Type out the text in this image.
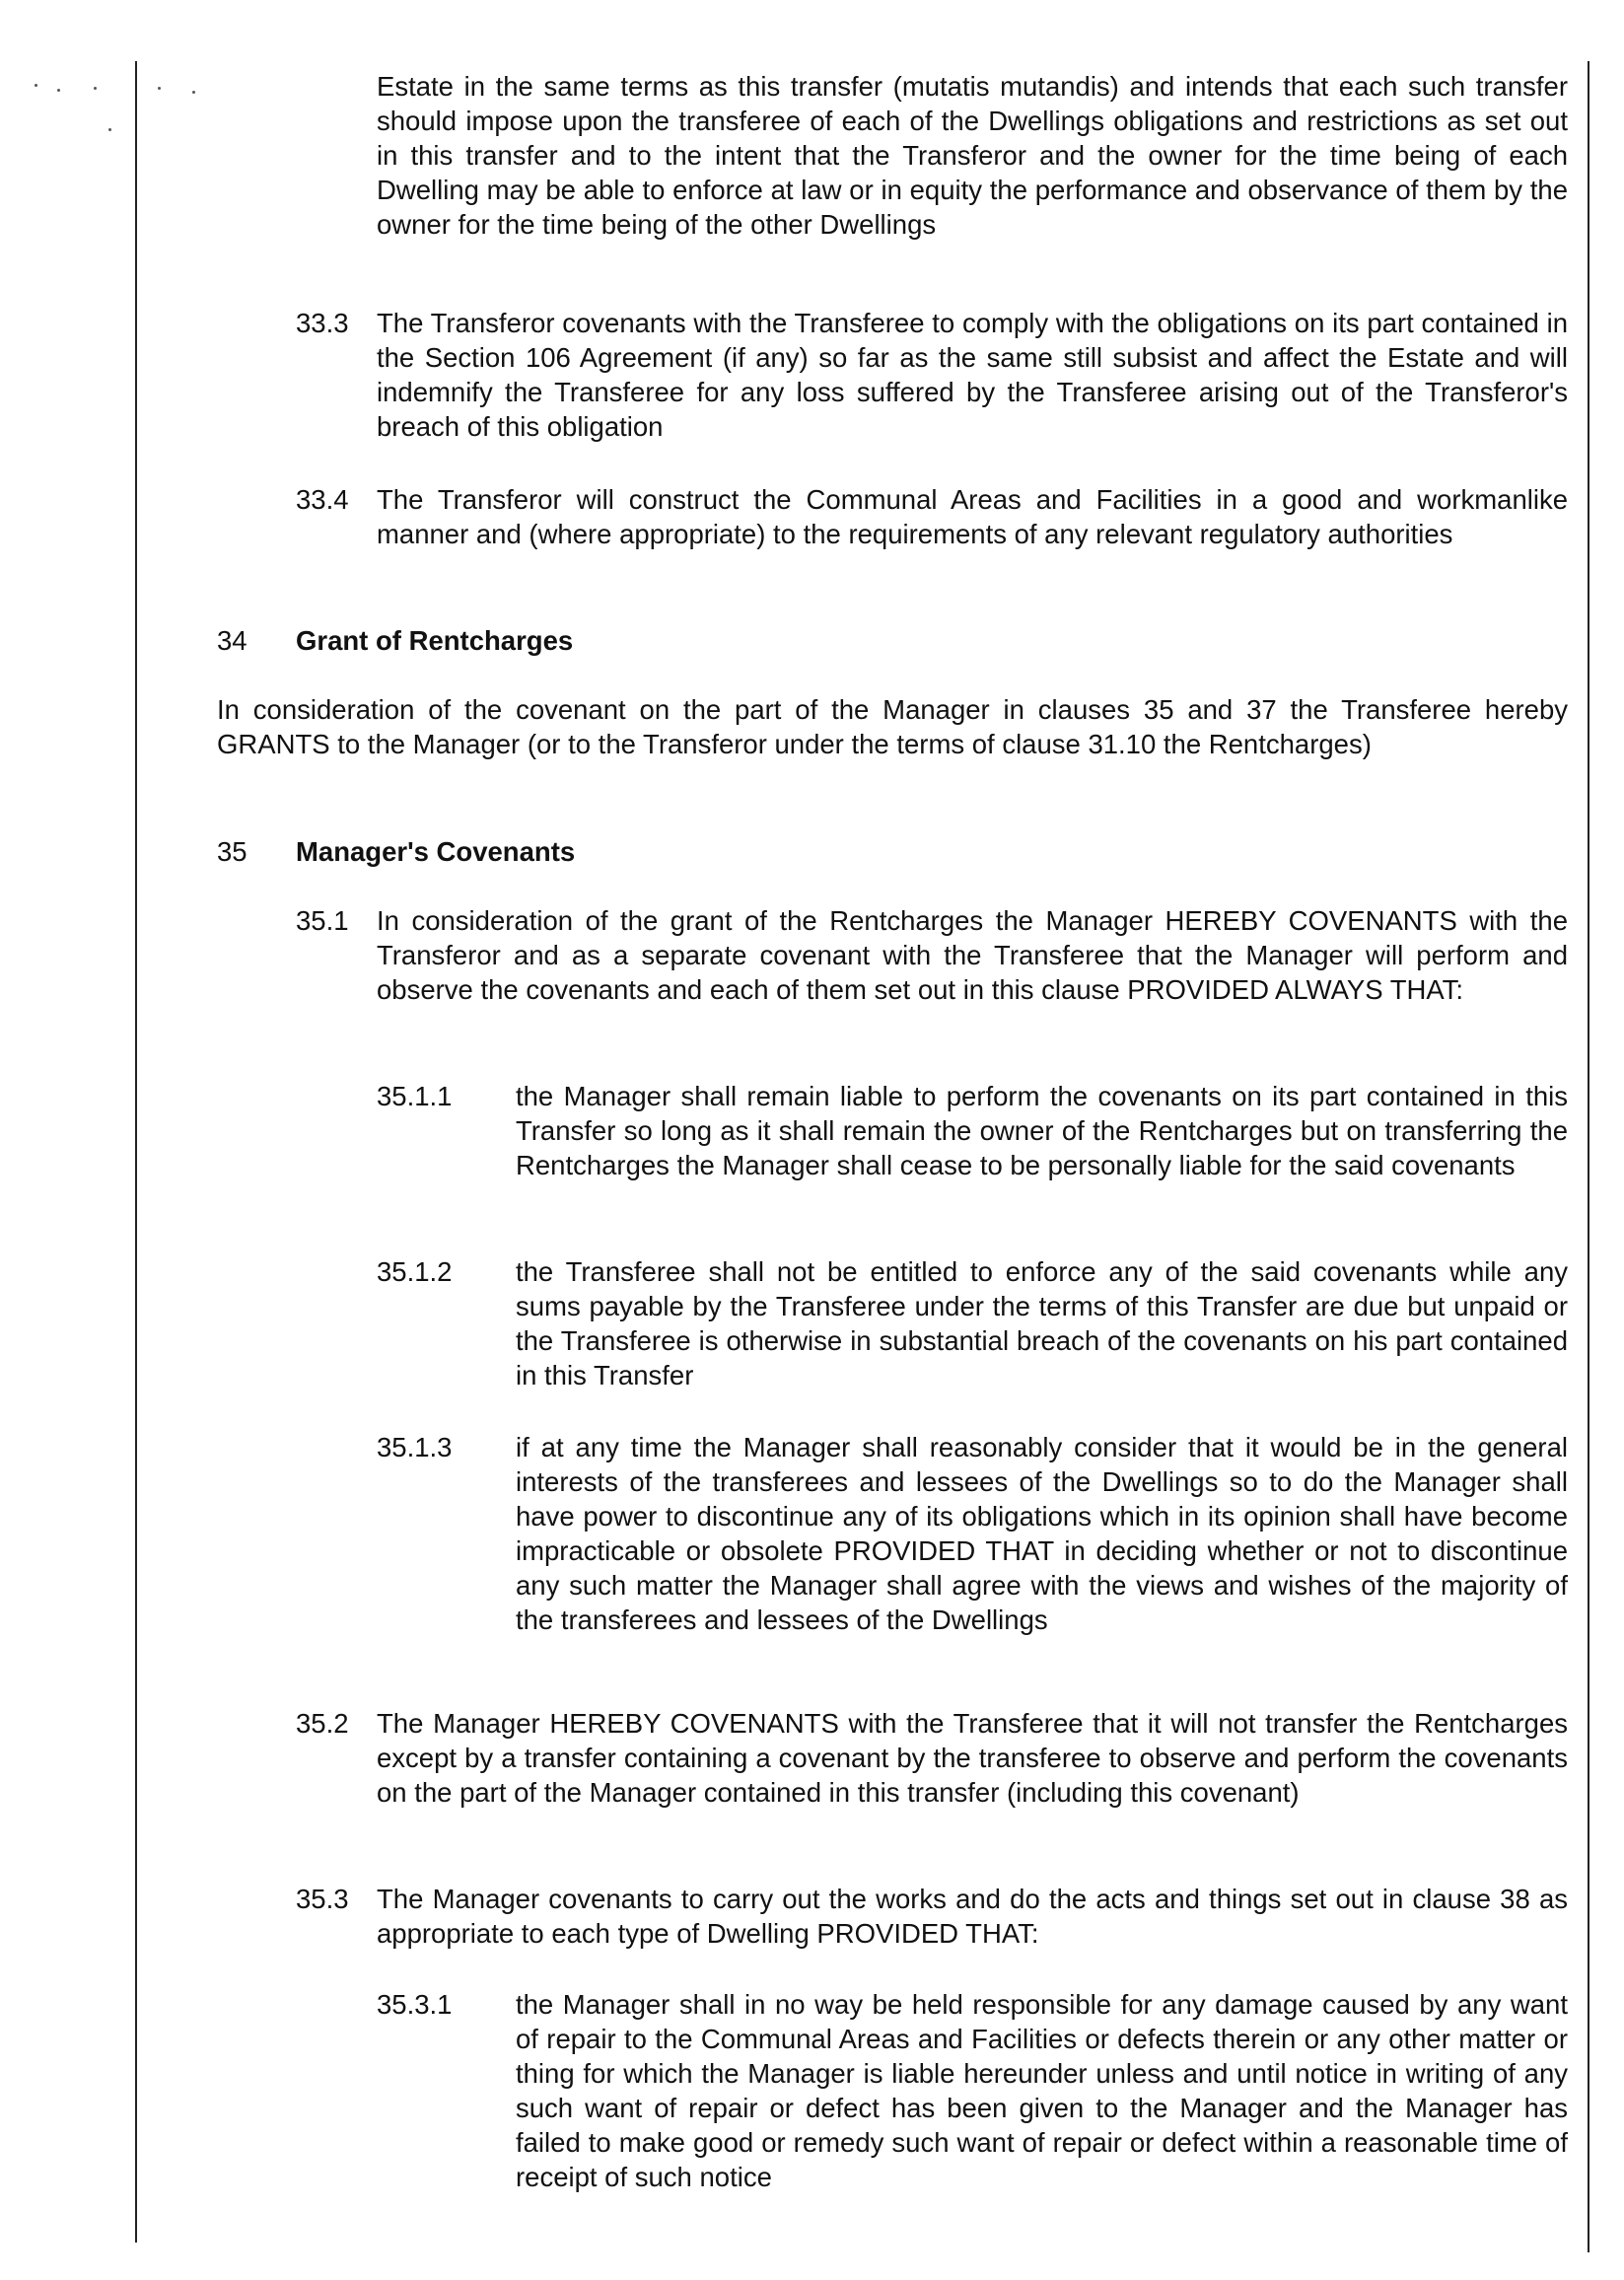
Estate in the same terms as this transfer (mutatis mutandis) and intends that each such transfer should impose upon the transferee of each of the Dwellings obligations and restrictions as set out in this transfer and to the intent that the Transferor and the owner for the time being of each Dwelling may be able to enforce at law or in equity the performance and observance of them by the owner for the time being of the other Dwellings
33.3	The Transferor covenants with the Transferee to comply with the obligations on its part contained in the Section 106 Agreement (if any) so far as the same still subsist and affect the Estate and will indemnify the Transferee for any loss suffered by the Transferee arising out of the Transferor's breach of this obligation
33.4	The Transferor will construct the Communal Areas and Facilities in a good and workmanlike manner and (where appropriate) to the requirements of any relevant regulatory authorities
34	Grant of Rentcharges
In consideration of the covenant on the part of the Manager in clauses 35 and 37 the Transferee hereby GRANTS to the Manager (or to the Transferor under the terms of clause 31.10 the Rentcharges)
35	Manager's Covenants
35.1	In consideration of the grant of the Rentcharges the Manager HEREBY COVENANTS with the Transferor and as a separate covenant with the Transferee that the Manager will perform and observe the covenants and each of them set out in this clause PROVIDED ALWAYS THAT:
35.1.1	the Manager shall remain liable to perform the covenants on its part contained in this Transfer so long as it shall remain the owner of the Rentcharges but on transferring the Rentcharges the Manager shall cease to be personally liable for the said covenants
35.1.2	the Transferee shall not be entitled to enforce any of the said covenants while any sums payable by the Transferee under the terms of this Transfer are due but unpaid or the Transferee is otherwise in substantial breach of the covenants on his part contained in this Transfer
35.1.3	if at any time the Manager shall reasonably consider that it would be in the general interests of the transferees and lessees of the Dwellings so to do the Manager shall have power to discontinue any of its obligations which in its opinion shall have become impracticable or obsolete PROVIDED THAT in deciding whether or not to discontinue any such matter the Manager shall agree with the views and wishes of the majority of the transferees and lessees of the Dwellings
35.2	The Manager HEREBY COVENANTS with the Transferee that it will not transfer the Rentcharges except by a transfer containing a covenant by the transferee to observe and perform the covenants on the part of the Manager contained in this transfer (including this covenant)
35.3	The Manager covenants to carry out the works and do the acts and things set out in clause 38 as appropriate to each type of Dwelling PROVIDED THAT:
35.3.1	the Manager shall in no way be held responsible for any damage caused by any want of repair to the Communal Areas and Facilities or defects therein or any other matter or thing for which the Manager is liable hereunder unless and until notice in writing of any such want of repair or defect has been given to the Manager and the Manager has failed to make good or remedy such want of repair or defect within a reasonable time of receipt of such notice
